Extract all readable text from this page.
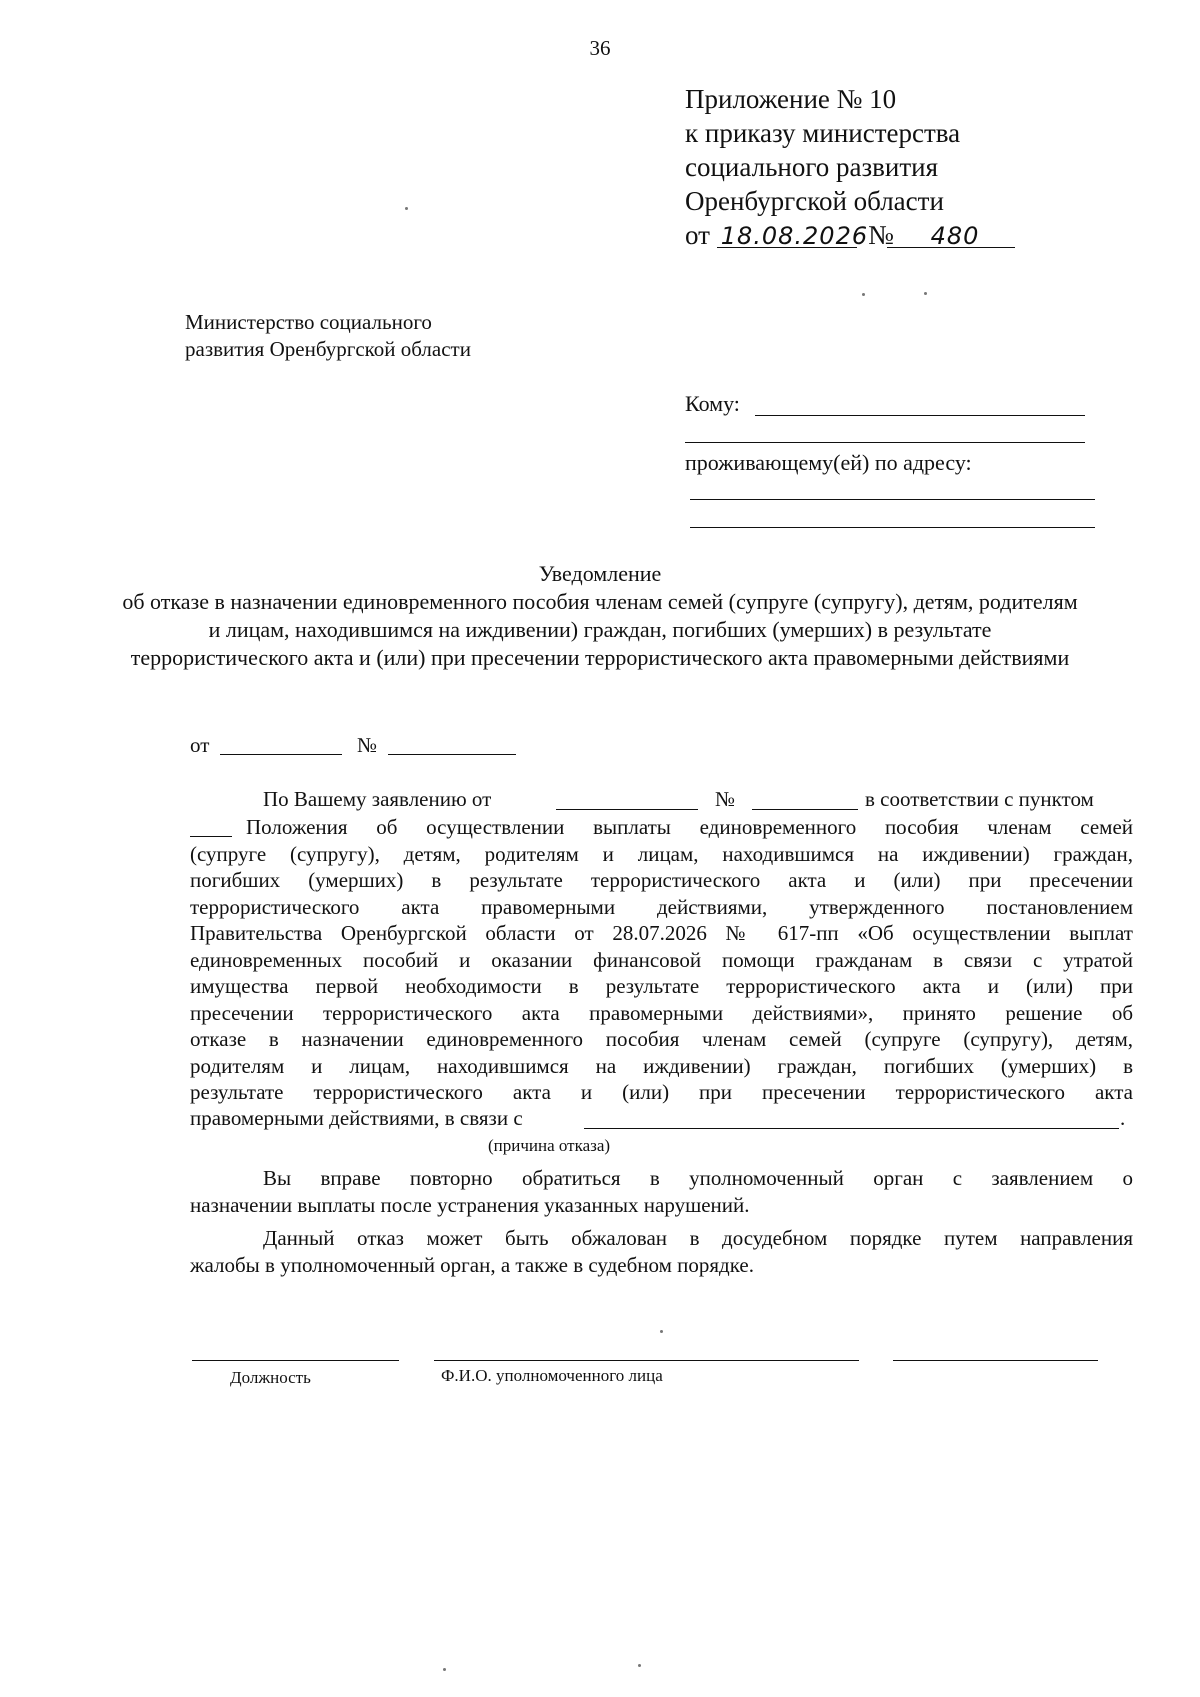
36
Приложение № 10
к приказу министерства
социального развития
Оренбургской области
от 18.08.2026№ 480
Министерство социального
развития Оренбургской области
Кому:
проживающему(ей) по адресу:
Уведомление
об отказе в назначении единовременного пособия членам семей (супруге (супругу), детям, родителям и лицам, находившимся на иждивении) граждан, погибших (умерших) в результате террористического акта и (или) при пресечении террористического акта правомерными действиями
от	№
По Вашему заявлению от	№	в соответствии с пунктом
Положения об осуществлении выплаты единовременного пособия членам семей
(супруге (супругу), детям, родителям и лицам, находившимся на иждивении) граждан,
погибших (умерших) в результате террористического акта и (или) при пресечении
террористического акта правомерными действиями, утвержденного постановлением
Правительства Оренбургской области от 28.07.2026 № 617-пп «Об осуществлении выплат
единовременных пособий и оказании финансовой помощи гражданам в связи с утратой
имущества первой необходимости в результате террористического акта и (или) при
пресечении террористического акта правомерными действиями», принято решение об
отказе в назначении единовременного пособия членам семей (супруге (супругу), детям,
родителям и лицам, находившимся на иждивении) граждан, погибших (умерших) в
результате террористического акта и (или) при пресечении террористического акта
правомерными действиями, в связи с	.
(причина отказа)
Вы вправе повторно обратиться в уполномоченный орган с заявлением о
назначении выплаты после устранения указанных нарушений.
Данный отказ может быть обжалован в досудебном порядке путем направления
жалобы в уполномоченный орган, а также в судебном порядке.
Должность	Ф.И.О. уполномоченного лица
